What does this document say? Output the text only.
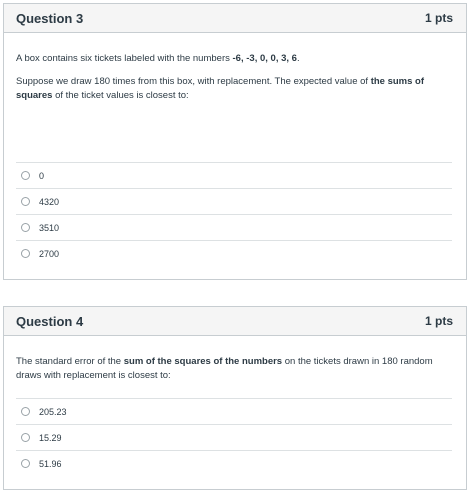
Question 3	1 pts

A box contains six tickets labeled with the numbers -6, -3, 0, 0, 3, 6.

Suppose we draw 180 times from this box, with replacement. The expected value of the sums of squares of the ticket values is closest to:

0
4320
3510
2700
Question 4	1 pts

The standard error of the sum of the squares of the numbers on the tickets drawn in 180 random draws with replacement is closest to:

205.23
15.29
51.96
